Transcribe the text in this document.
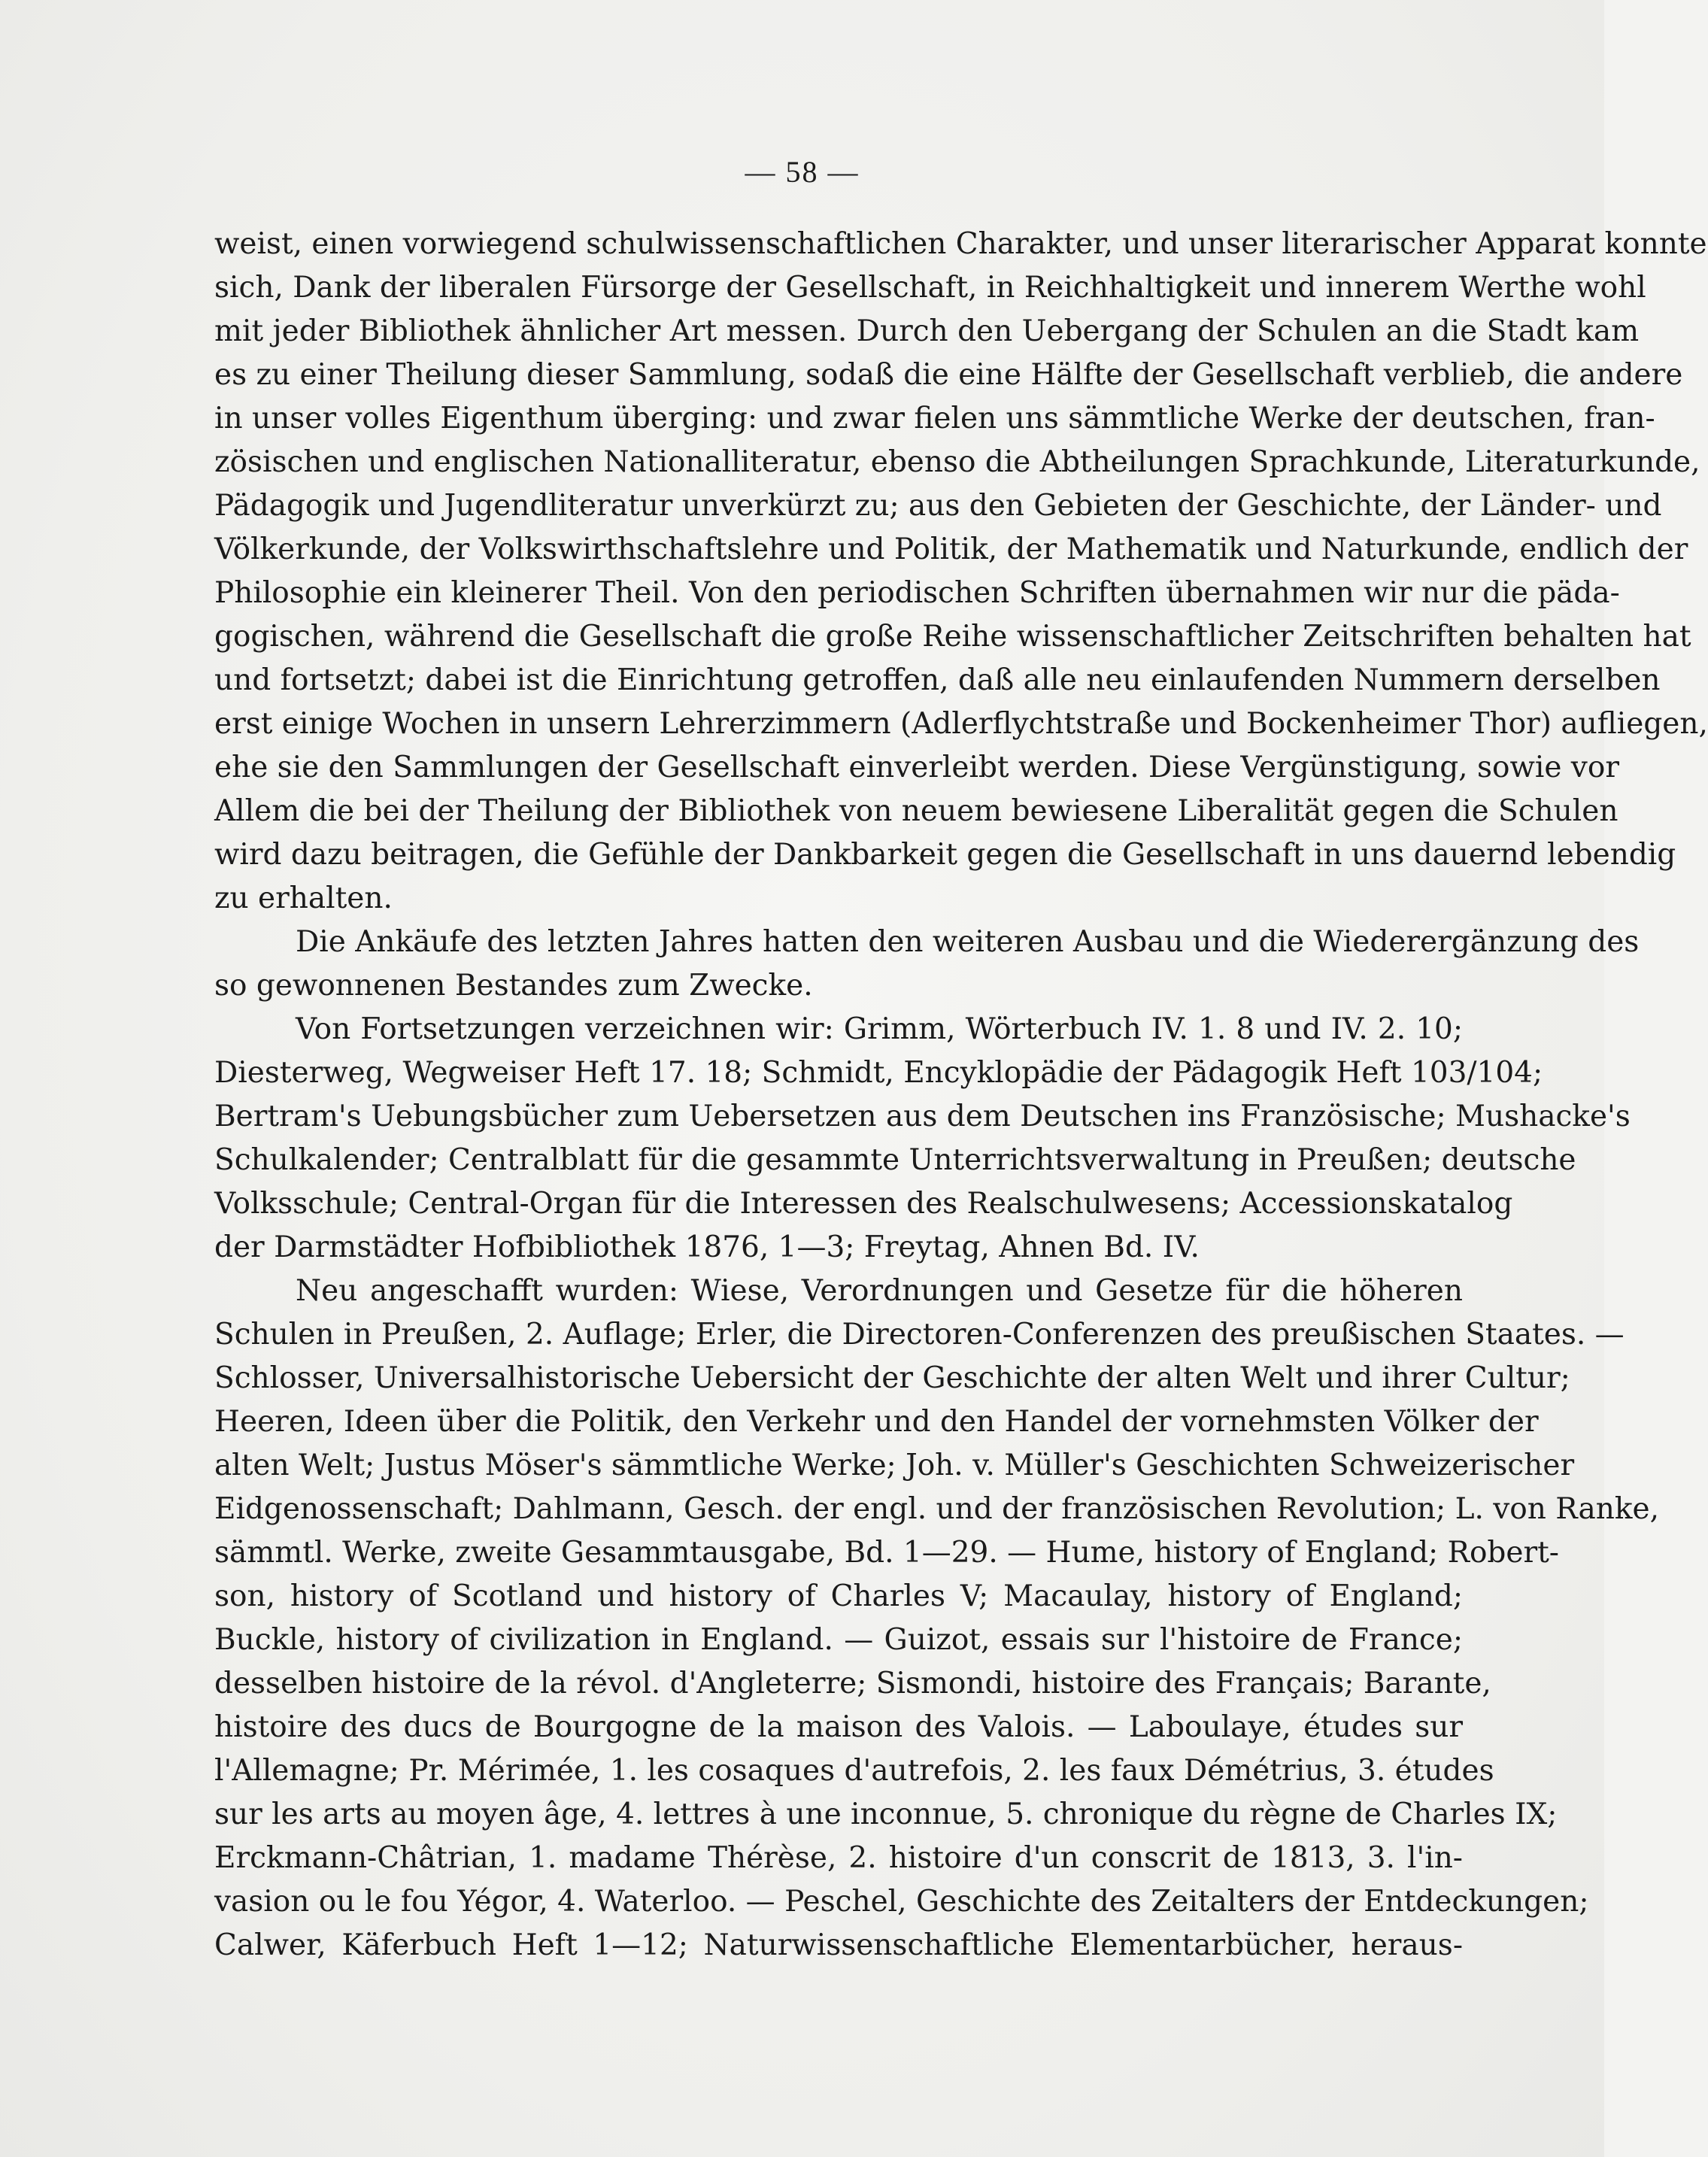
— 58 —
weist, einen vorwiegend schulwissenschaftlichen Charakter, und unser literarischer Apparat konnte
sich, Dank der liberalen Fürsorge der Gesellschaft, in Reichhaltigkeit und innerem Werthe wohl
mit jeder Bibliothek ähnlicher Art messen. Durch den Uebergang der Schulen an die Stadt kam
es zu einer Theilung dieser Sammlung, sodaß die eine Hälfte der Gesellschaft verblieb, die andere
in unser volles Eigenthum überging: und zwar fielen uns sämmtliche Werke der deutschen, fran-
zösischen und englischen Nationalliteratur, ebenso die Abtheilungen Sprachkunde, Literaturkunde,
Pädagogik und Jugendliteratur unverkürzt zu; aus den Gebieten der Geschichte, der Länder- und
Völkerkunde, der Volkswirthschaftslehre und Politik, der Mathematik und Naturkunde, endlich der
Philosophie ein kleinerer Theil. Von den periodischen Schriften übernahmen wir nur die päda-
gogischen, während die Gesellschaft die große Reihe wissenschaftlicher Zeitschriften behalten hat
und fortsetzt; dabei ist die Einrichtung getroffen, daß alle neu einlaufenden Nummern derselben
erst einige Wochen in unsern Lehrerzimmern (Adlerflychtstraße und Bockenheimer Thor) aufliegen,
ehe sie den Sammlungen der Gesellschaft einverleibt werden. Diese Vergünstigung, sowie vor
Allem die bei der Theilung der Bibliothek von neuem bewiesene Liberalität gegen die Schulen
wird dazu beitragen, die Gefühle der Dankbarkeit gegen die Gesellschaft in uns dauernd lebendig
zu erhalten.
Die Ankäufe des letzten Jahres hatten den weiteren Ausbau und die Wiederergänzung des
so gewonnenen Bestandes zum Zwecke.
Von Fortsetzungen verzeichnen wir: Grimm, Wörterbuch IV. 1. 8 und IV. 2. 10;
Diesterweg, Wegweiser Heft 17. 18; Schmidt, Encyklopädie der Pädagogik Heft 103/104;
Bertram's Uebungsbücher zum Uebersetzen aus dem Deutschen ins Französische; Mushacke's
Schulkalender; Centralblatt für die gesammte Unterrichtsverwaltung in Preußen; deutsche
Volksschule; Central-Organ für die Interessen des Realschulwesens; Accessionskatalog
der Darmstädter Hofbibliothek 1876, 1—3; Freytag, Ahnen Bd. IV.
Neu angeschafft wurden: Wiese, Verordnungen und Gesetze für die höheren
Schulen in Preußen, 2. Auflage; Erler, die Directoren-Conferenzen des preußischen Staates. —
Schlosser, Universalhistorische Uebersicht der Geschichte der alten Welt und ihrer Cultur;
Heeren, Ideen über die Politik, den Verkehr und den Handel der vornehmsten Völker der
alten Welt; Justus Möser's sämmtliche Werke; Joh. v. Müller's Geschichten Schweizerischer
Eidgenossenschaft; Dahlmann, Gesch. der engl. und der französischen Revolution; L. von Ranke,
sämmtl. Werke, zweite Gesammtausgabe, Bd. 1—29. — Hume, history of England; Robert-
son, history of Scotland und history of Charles V; Macaulay, history of England;
Buckle, history of civilization in England. — Guizot, essais sur l'histoire de France;
desselben histoire de la révol. d'Angleterre; Sismondi, histoire des Français; Barante,
histoire des ducs de Bourgogne de la maison des Valois. — Laboulaye, études sur
l'Allemagne; Pr. Mérimée, 1. les cosaques d'autrefois, 2. les faux Démétrius, 3. études
sur les arts au moyen âge, 4. lettres à une inconnue, 5. chronique du règne de Charles IX;
Erckmann-Châtrian, 1. madame Thérèse, 2. histoire d'un conscrit de 1813, 3. l'in-
vasion ou le fou Yégor, 4. Waterloo. — Peschel, Geschichte des Zeitalters der Entdeckungen;
Calwer, Käferbuch Heft 1—12; Naturwissenschaftliche Elementarbücher, heraus-
